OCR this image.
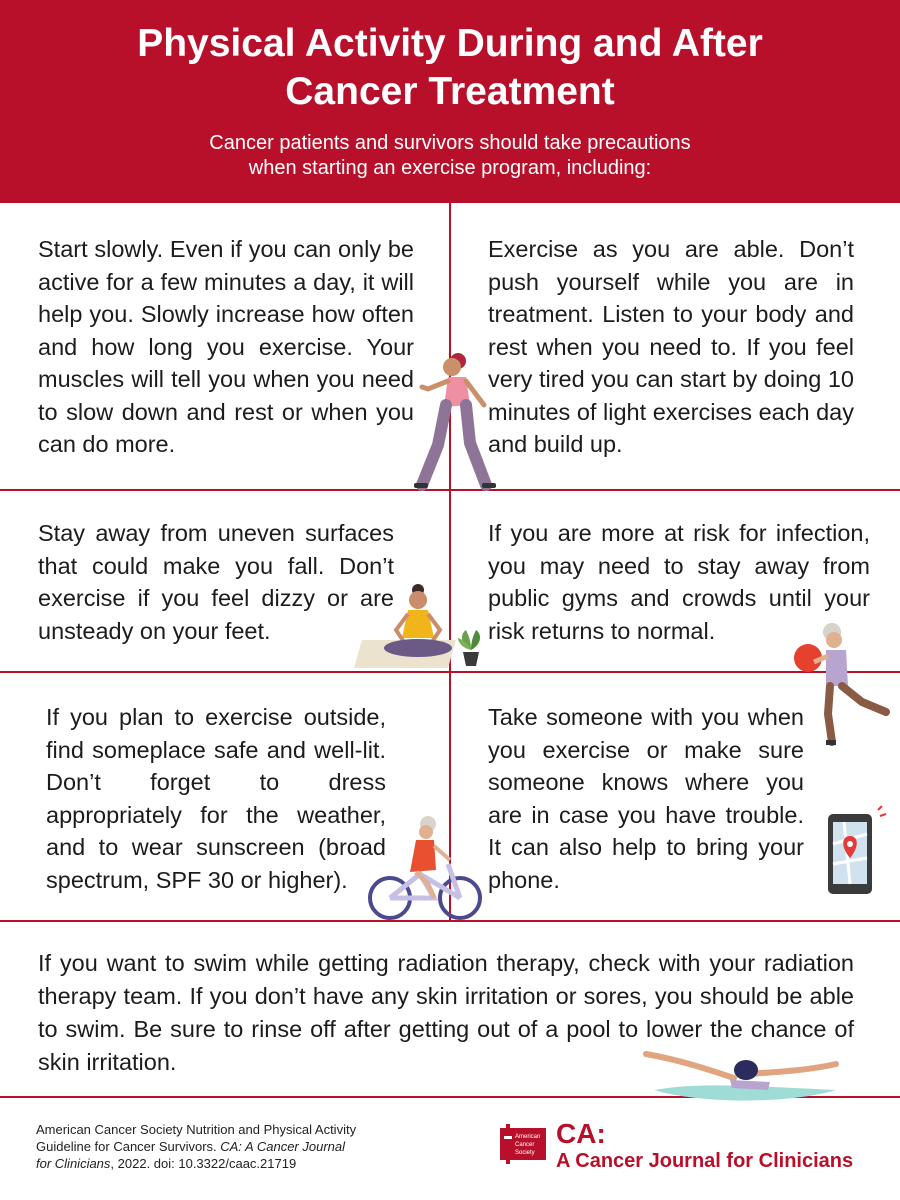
Physical Activity During and After
Cancer Treatment
Cancer patients and survivors should take precautions
when starting an exercise program, including:

Start slowly. Even if you can only be active for a few minutes a day, it will help you. Slowly increase how often and how long you exercise. Your muscles will tell you when you need to slow down and rest or when you can do more.

Exercise as you are able. Don’t push yourself while you are in treatment. Listen to your body and rest when you need to. If you feel very tired you can start by doing 10 minutes of light exercises each day and build up.

Stay away from uneven surfaces that could make you fall. Don’t exercise if you feel dizzy or are unsteady on your feet.

If you are more at risk for infection, you may need to stay away from public gyms and crowds until your risk returns to normal.

If you plan to exercise outside, find someplace safe and well-lit. Don’t forget to dress appropriately for the weather, and to wear sunscreen (broad spectrum, SPF 30 or higher).

Take someone with you when you exercise or make sure someone knows where you are in case you have trouble. It can also help to bring your phone.

If you want to swim while getting radiation therapy, check with your radiation therapy team. If you don’t have any skin irritation or sores, you should be able to swim. Be sure to rinse off after getting out of a pool to lower the chance of skin irritation.

American Cancer Society Nutrition and Physical Activity
Guideline for Cancer Survivors. CA: A Cancer Journal
for Clinicians, 2022. doi: 10.3322/caac.21719
American
Cancer
Society
CA:
A Cancer Journal for Clinicians
